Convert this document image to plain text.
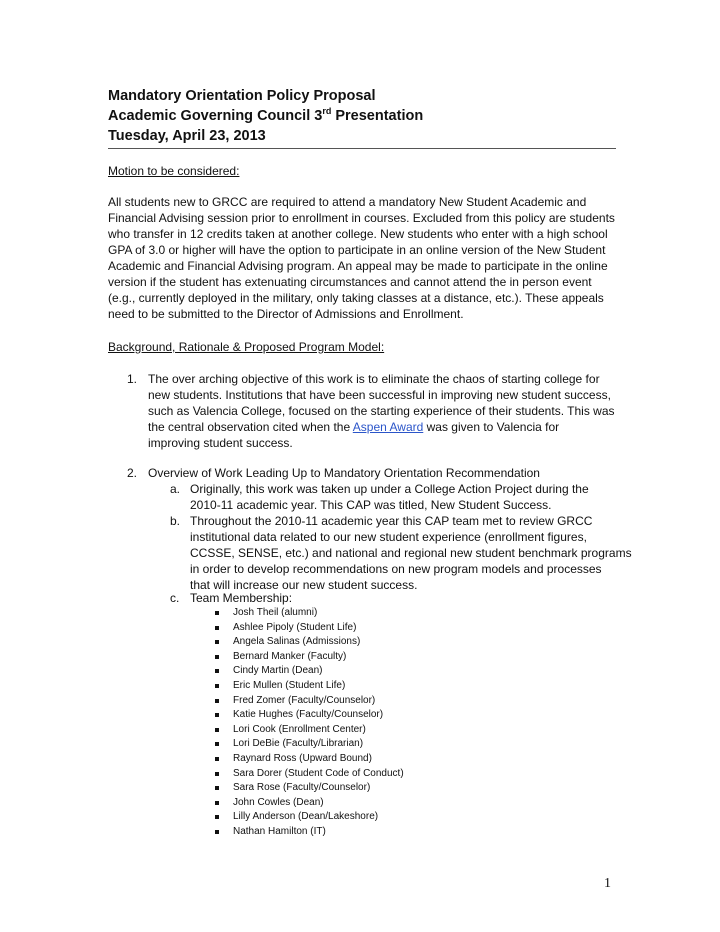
Mandatory Orientation Policy Proposal
Academic Governing Council 3rd Presentation
Tuesday, April 23, 2013
Motion to be considered:

All students new to GRCC are required to attend a mandatory New Student Academic and

Financial Advising session prior to enrollment in courses. Excluded from this policy are students

who transfer in 12 credits taken at another college. New students who enter with a high school

GPA of 3.0 or higher will have the option to participate in an online version of the New Student

Academic and Financial Advising program. An appeal may be made to participate in the online

version if the student has extenuating circumstances and cannot attend the in person event

(e.g., currently deployed in the military, only taking classes at a distance, etc.). These appeals

need to be submitted to the Director of Admissions and Enrollment.

Background, Rationale & Proposed Program Model:
1. The over arching objective of this work is to eliminate the chaos of starting college for

new students. Institutions that have been successful in improving new student success,

such as Valencia College, focused on the starting experience of their students. This was

the central observation cited when the Aspen Award was given to Valencia for

improving student success.

2. Overview of Work Leading Up to Mandatory Orientation Recommendation
a. Originally, this work was taken up under a College Action Project during the

2010-11 academic year. This CAP was titled, New Student Success.

b. Throughout the 2010-11 academic year this CAP team met to review GRCC

institutional data related to our new student experience (enrollment figures,

CCSSE, SENSE, etc.) and national and regional new student benchmark programs

in order to develop recommendations on new program models and processes

that will increase our new student success.

c. Team Membership:
Josh Theil (alumni)
Ashlee Pipoly (Student Life)
Angela Salinas (Admissions)
Bernard Manker (Faculty)
Cindy Martin (Dean)
Eric Mullen (Student Life)
Fred Zomer (Faculty/Counselor)
Katie Hughes (Faculty/Counselor)
Lori Cook (Enrollment Center)
Lori DeBie (Faculty/Librarian)
Raynard Ross (Upward Bound)
Sara Dorer (Student Code of Conduct)
Sara Rose (Faculty/Counselor)
John Cowles (Dean)
Lilly Anderson (Dean/Lakeshore)
Nathan Hamilton (IT)
1
